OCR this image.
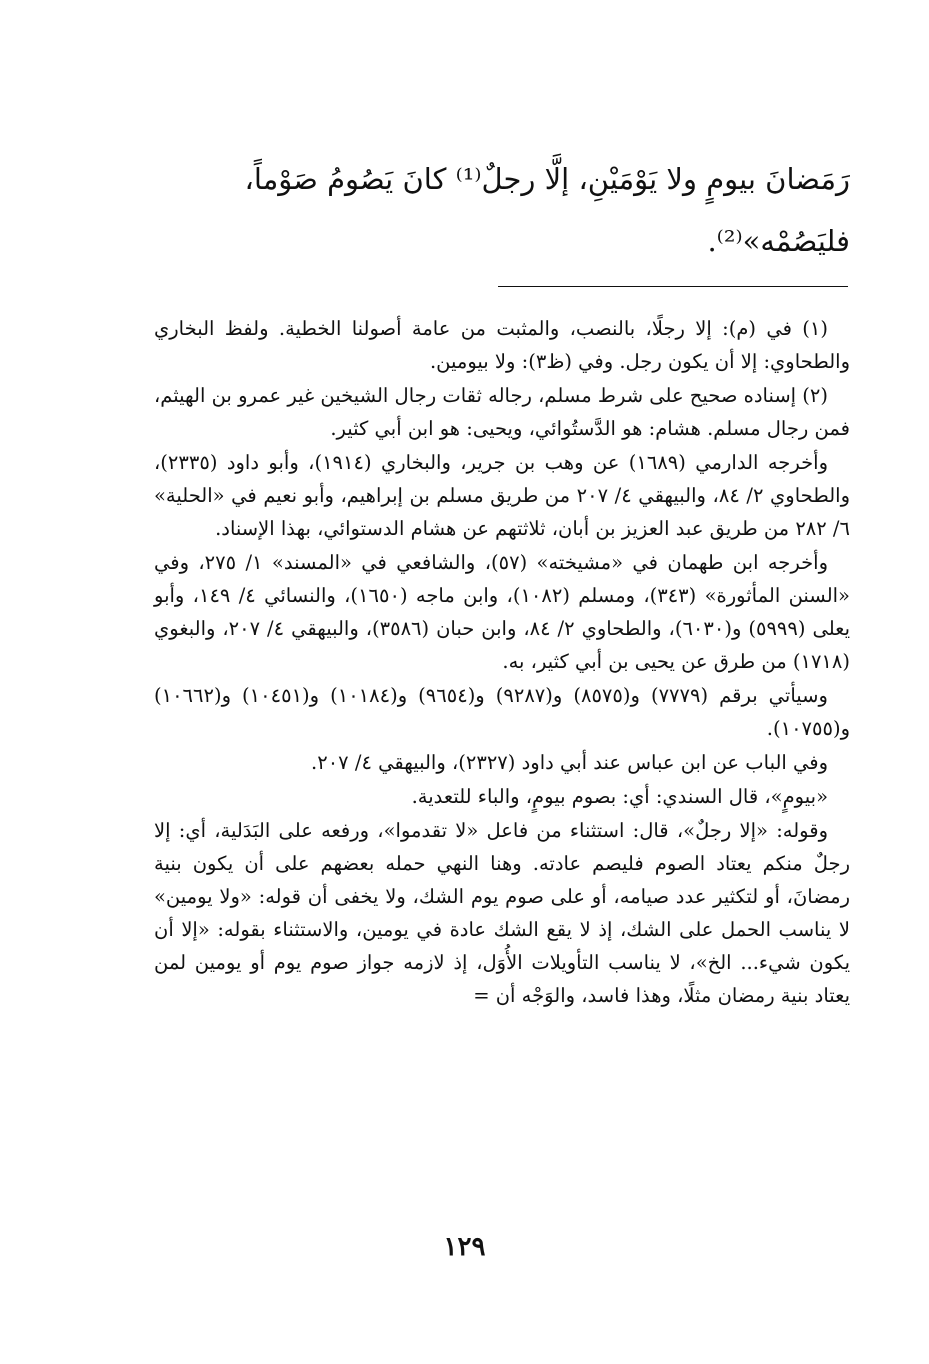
رَمَضانَ بيومٍ ولا يَوْمَيْنِ، إلَّا رجلٌ⁽¹⁾ كانَ يَصُومُ صَوْماً،

فليَصُمْه»⁽²⁾.

(١) في (م): إلا رجلًا، بالنصب، والمثبت من عامة أصولنا الخطية. ولفظ البخاري والطحاوي: إلا أن يكون رجل. وفي (ظ٣): ولا بيومين.

(٢) إسناده صحيح على شرط مسلم، رجاله ثقات رجال الشيخين غير عمرو بن الهيثم، فمن رجال مسلم. هشام: هو الدَّستُوائي، ويحيى: هو ابن أبي كثير.

وأخرجه الدارمي (١٦٨٩) عن وهب بن جرير، والبخاري (١٩١٤)، وأبو داود (٢٣٣٥)، والطحاوي ٢/ ٨٤، والبيهقي ٤/ ٢٠٧ من طريق مسلم بن إبراهيم، وأبو نعيم في «الحلية» ٦/ ٢٨٢ من طريق عبد العزيز بن أبان، ثلاثتهم عن هشام الدستوائي، بهذا الإسناد.

وأخرجه ابن طهمان في «مشيخته» (٥٧)، والشافعي في «المسند» ١/ ٢٧٥، وفي «السنن المأثورة» (٣٤٣)، ومسلم (١٠٨٢)، وابن ماجه (١٦٥٠)، والنسائي ٤/ ١٤٩، وأبو يعلى (٥٩٩٩) و(٦٠٣٠)، والطحاوي ٢/ ٨٤، وابن حبان (٣٥٨٦)، والبيهقي ٤/ ٢٠٧، والبغوي (١٧١٨) من طرق عن يحيى بن أبي كثير، به.

وسيأتي برقم (٧٧٧٩) و(٨٥٧٥) و(٩٢٨٧) و(٩٦٥٤) و(١٠١٨٤) و(١٠٤٥١) و(١٠٦٦٢) و(١٠٧٥٥).

وفي الباب عن ابن عباس عند أبي داود (٢٣٢٧)، والبيهقي ٤/ ٢٠٧.

«بيومٍ»، قال السندي: أي: بصوم بيومٍ، والباء للتعدية.

وقوله: «إلا رجلٌ»، قال: استثناء من فاعل «لا تقدموا»، ورفعه على البَدَلية، أي: إلا رجلٌ منكم يعتاد الصوم فليصم عادته. وهنا النهي حمله بعضهم على أن يكون بنية رمضانَ، أو لتكثير عدد صيامه، أو على صوم يوم الشك، ولا يخفى أن قوله: «ولا يومين» لا يناسب الحمل على الشك، إذ لا يقع الشك عادة في يومين، والاستثناء بقوله: «إلا أن يكون شيء... الخ»، لا يناسب التأويلات الأُوَل، إذ لازمه جواز صوم يوم أو يومين لمن يعتاد بنية رمضان مثلًا، وهذا فاسد، والوَجْه أن =

١٢٩
